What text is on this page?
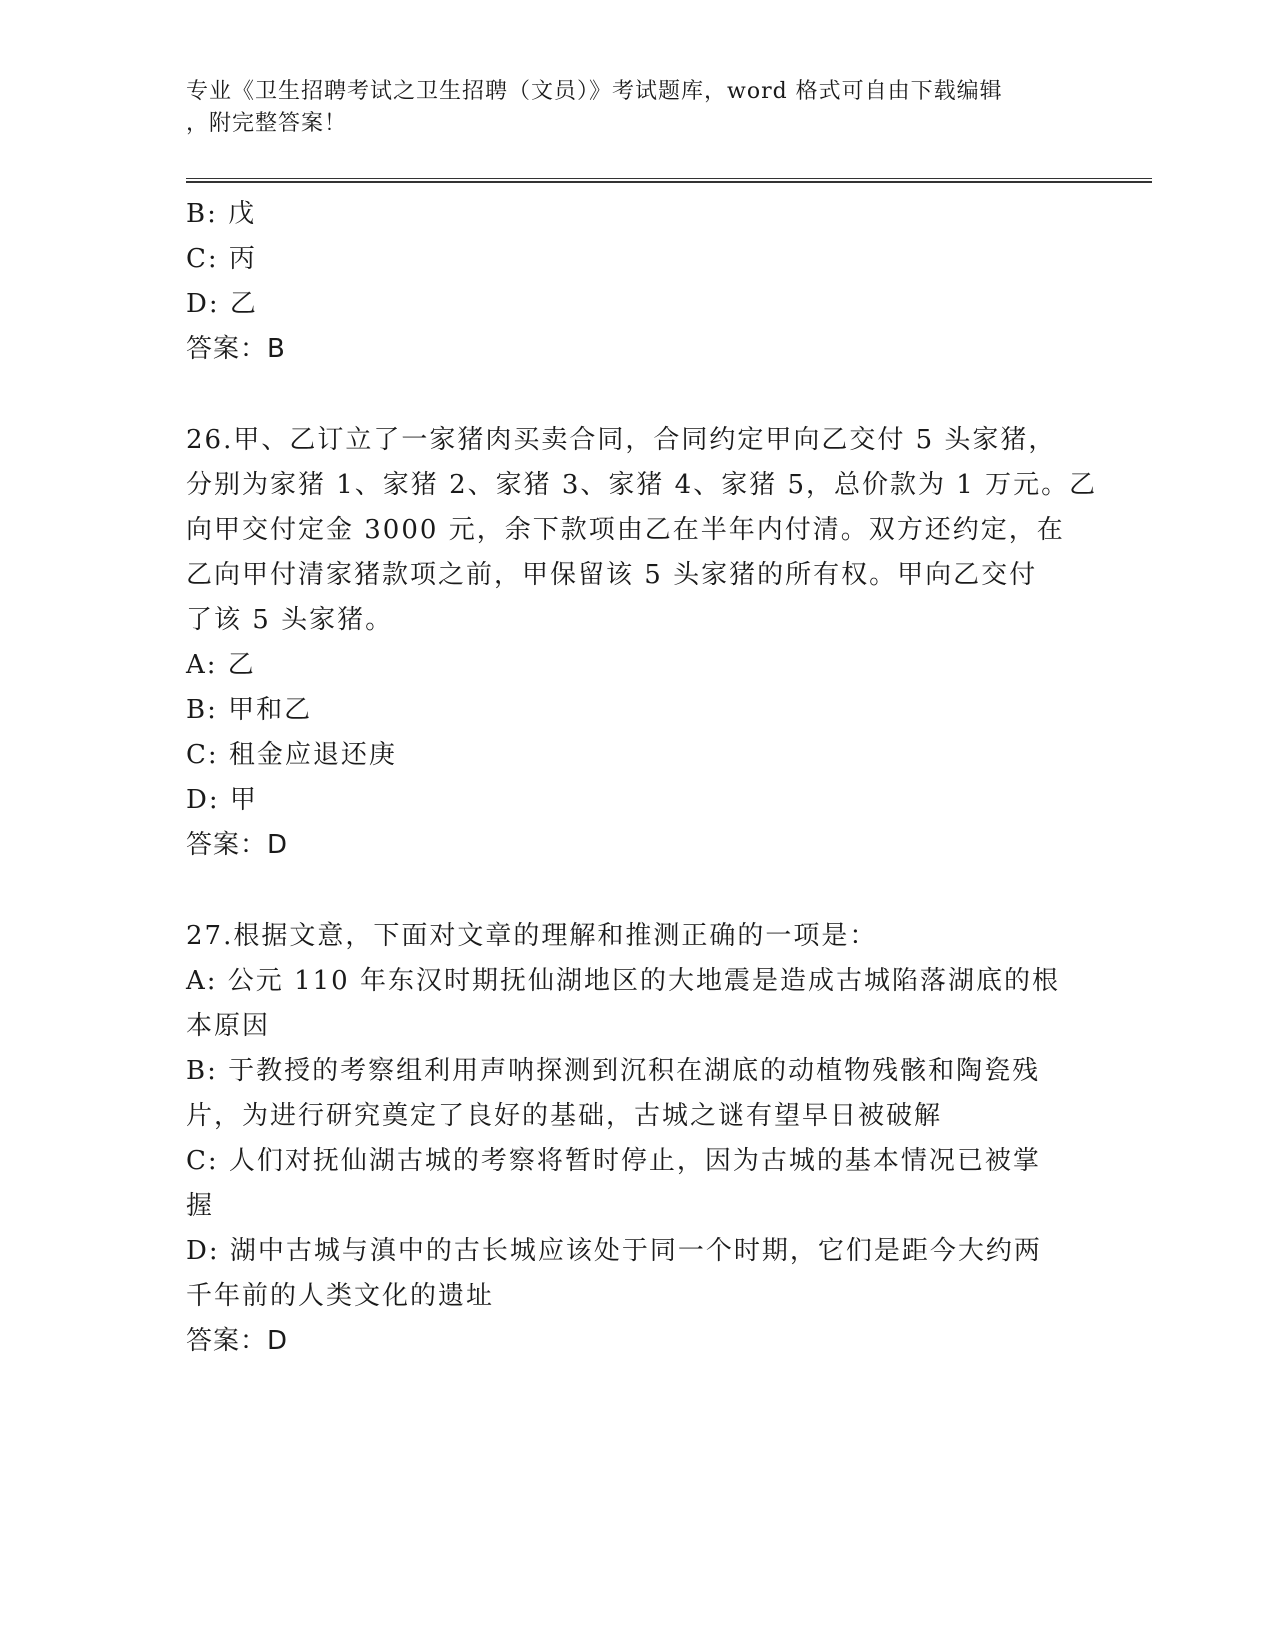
专业《卫生招聘考试之卫生招聘（文员）》考试题库，word 格式可自由下载编辑
，附完整答案！
B: 戊
C: 丙
D: 乙
答案：B
26.甲、乙订立了一家猪肉买卖合同，合同约定甲向乙交付 5 头家猪，
分别为家猪 1、家猪 2、家猪 3、家猪 4、家猪 5，总价款为 1 万元。乙
向甲交付定金 3000 元，余下款项由乙在半年内付清。双方还约定，在
乙向甲付清家猪款项之前，甲保留该 5 头家猪的所有权。甲向乙交付
了该 5 头家猪。
A: 乙
B: 甲和乙
C: 租金应退还庚
D: 甲
答案：D
27.根据文意，下面对文章的理解和推测正确的一项是：
A: 公元 110 年东汉时期抚仙湖地区的大地震是造成古城陷落湖底的根
本原因
B: 于教授的考察组利用声呐探测到沉积在湖底的动植物残骸和陶瓷残
片，为进行研究奠定了良好的基础，古城之谜有望早日被破解
C: 人们对抚仙湖古城的考察将暂时停止，因为古城的基本情况已被掌
握
D: 湖中古城与滇中的古长城应该处于同一个时期，它们是距今大约两
千年前的人类文化的遗址
答案：D
